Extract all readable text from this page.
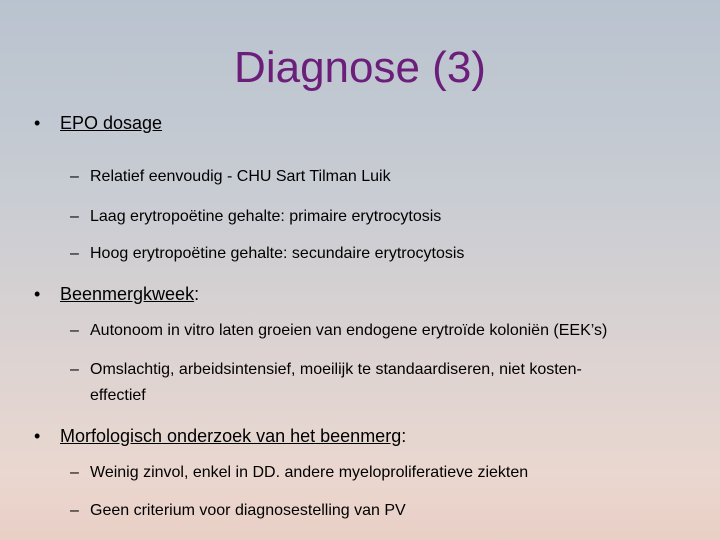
Diagnose (3)
• EPO dosage
– Relatief eenvoudig - CHU Sart Tilman Luik
– Laag erytropoëtine gehalte: primaire erytrocytosis
– Hoog erytropoëtine gehalte: secundaire erytrocytosis
• Beenmergkweek:
– Autonoom in vitro laten groeien van endogene erytroïde koloniën (EEK’s)
– Omslachtig, arbeidsintensief, moeilijk te standaardiseren, niet kosten-
effectief
• Morfologisch onderzoek van het beenmerg:
– Weinig zinvol, enkel in DD. andere myeloproliferatieve ziekten
– Geen criterium voor diagnosestelling van PV
